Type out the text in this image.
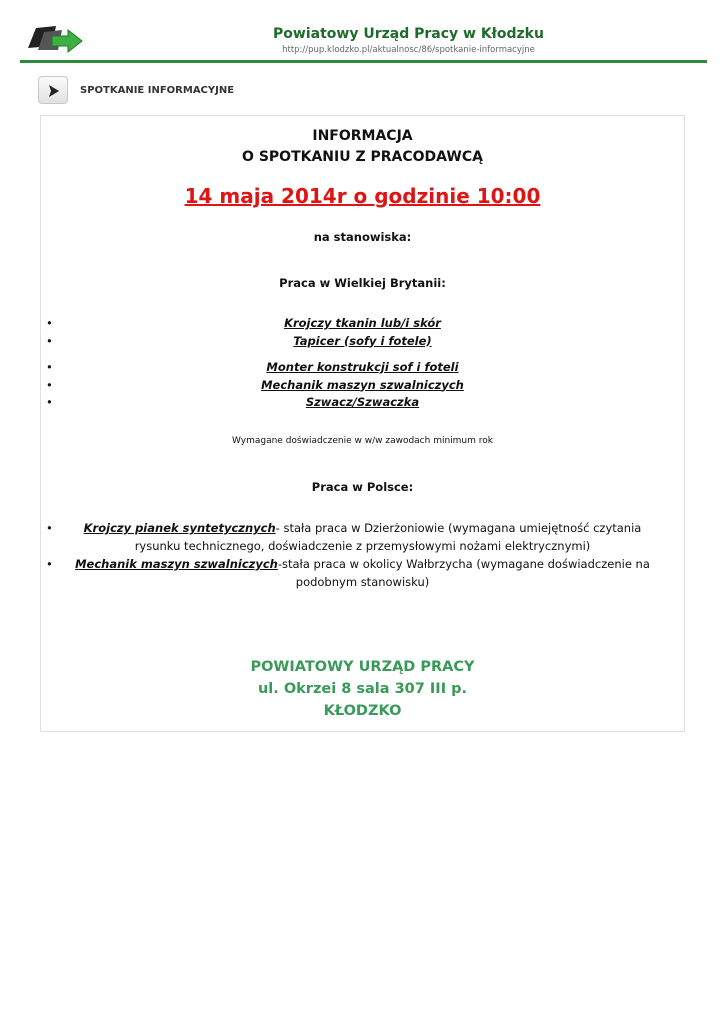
Powiatowy Urząd Pracy w Kłodzku
http://pup.klodzko.pl/aktualnosc/86/spotkanie-informacyjne
SPOTKANIE INFORMACYJNE
INFORMACJA
O SPOTKANIU Z PRACODAWCĄ
14 maja 2014r o godzinie 10:00
na stanowiska:
Praca w Wielkiej Brytanii:
• Krojczy tkanin lub/i skór
• Tapicer (sofy i fotele)
• Monter konstrukcji sof i foteli
• Mechanik maszyn szwalniczych
• Szwacz/Szwaczka
Wymagane doświadczenie w w/w zawodach minimum rok
Praca w Polsce:
• Krojczy pianek syntetycznych- stała praca w Dzierżoniowie (wymagana umiejętność czytania rysunku technicznego, doświadczenie z przemysłowymi nożami elektrycznymi)
• Mechanik maszyn szwalniczych-stała praca w okolicy Wałbrzycha (wymagane doświadczenie na podobnym stanowisku)
POWIATOWY URZĄD PRACY
ul. Okrzei 8 sala 307 III p.
KŁODZKO
